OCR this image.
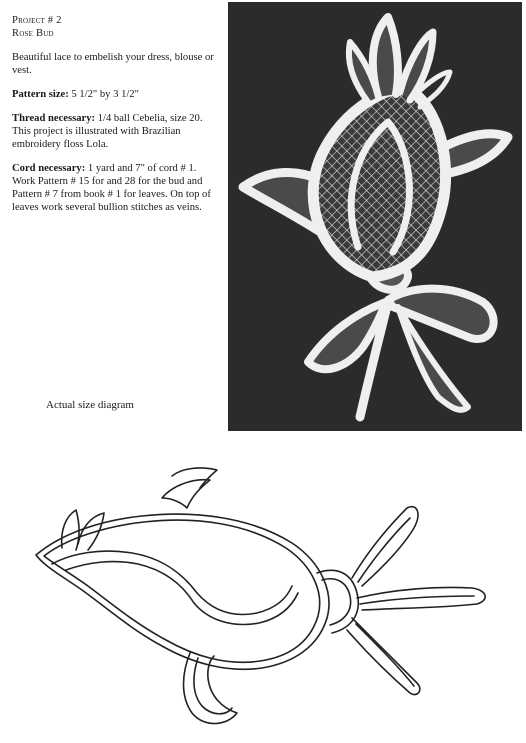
Project # 2

Rose Bud

Beautiful lace to embelish your dress, blouse or vest.

Pattern size: 5 1/2" by 3 1/2"

Thread necessary: 1/4 ball Cebelia, size 20.

This project is illustrated with Brazilian embroidery floss Lola.

Cord necessary: 1 yard and 7" of cord # 1.

Work Pattern # 15 for and 28 for the bud and Pattern # 7 from book # 1 for leaves. On top of leaves work several bullion stitches as veins.

Actual size diagram
